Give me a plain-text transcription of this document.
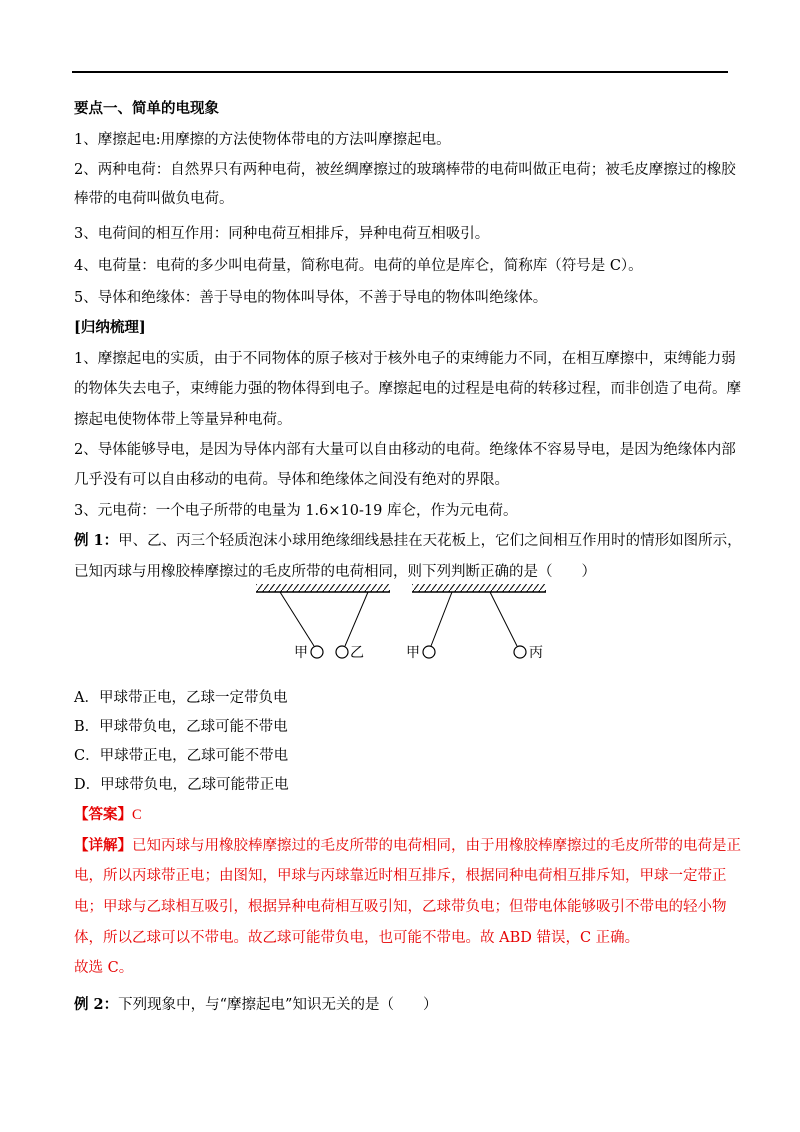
要点一、简单的电现象
1、摩擦起电:用摩擦的方法使物体带电的方法叫摩擦起电。
2、两种电荷：自然界只有两种电荷，被丝绸摩擦过的玻璃棒带的电荷叫做正电荷；被毛皮摩擦过的橡胶
棒带的电荷叫做负电荷。
3、电荷间的相互作用：同种电荷互相排斥，异种电荷互相吸引。
4、电荷量：电荷的多少叫电荷量，简称电荷。电荷的单位是库仑，简称库（符号是 C）。
5、导体和绝缘体：善于导电的物体叫导体，不善于导电的物体叫绝缘体。
[归纳梳理]
1、摩擦起电的实质，由于不同物体的原子核对于核外电子的束缚能力不同，在相互摩擦中，束缚能力弱
的物体失去电子，束缚能力强的物体得到电子。摩擦起电的过程是电荷的转移过程，而非创造了电荷。摩
擦起电使物体带上等量异种电荷。
2、导体能够导电，是因为导体内部有大量可以自由移动的电荷。绝缘体不容易导电，是因为绝缘体内部
几乎没有可以自由移动的电荷。导体和绝缘体之间没有绝对的界限。
3、元电荷：一个电子所带的电量为 1.6×10-19 库仑，作为元电荷。
例 1：甲、乙、丙三个轻质泡沫小球用绝缘细线悬挂在天花板上，它们之间相互作用时的情形如图所示，
已知丙球与用橡胶棒摩擦过的毛皮所带的电荷相同，则下列判断正确的是（　　）
甲	乙	甲	丙
A．甲球带正电，乙球一定带负电
B．甲球带负电，乙球可能不带电
C．甲球带正电，乙球可能不带电
D．甲球带负电，乙球可能带正电
【答案】C
【详解】已知丙球与用橡胶棒摩擦过的毛皮所带的电荷相同，由于用橡胶棒摩擦过的毛皮所带的电荷是正
电，所以丙球带正电；由图知，甲球与丙球靠近时相互排斥，根据同种电荷相互排斥知，甲球一定带正
电；甲球与乙球相互吸引，根据异种电荷相互吸引知，乙球带负电；但带电体能够吸引不带电的轻小物
体，所以乙球可以不带电。故乙球可能带负电，也可能不带电。故 ABD 错误，C 正确。
故选 C。
例 2：下列现象中，与“摩擦起电”知识无关的是（　　）
